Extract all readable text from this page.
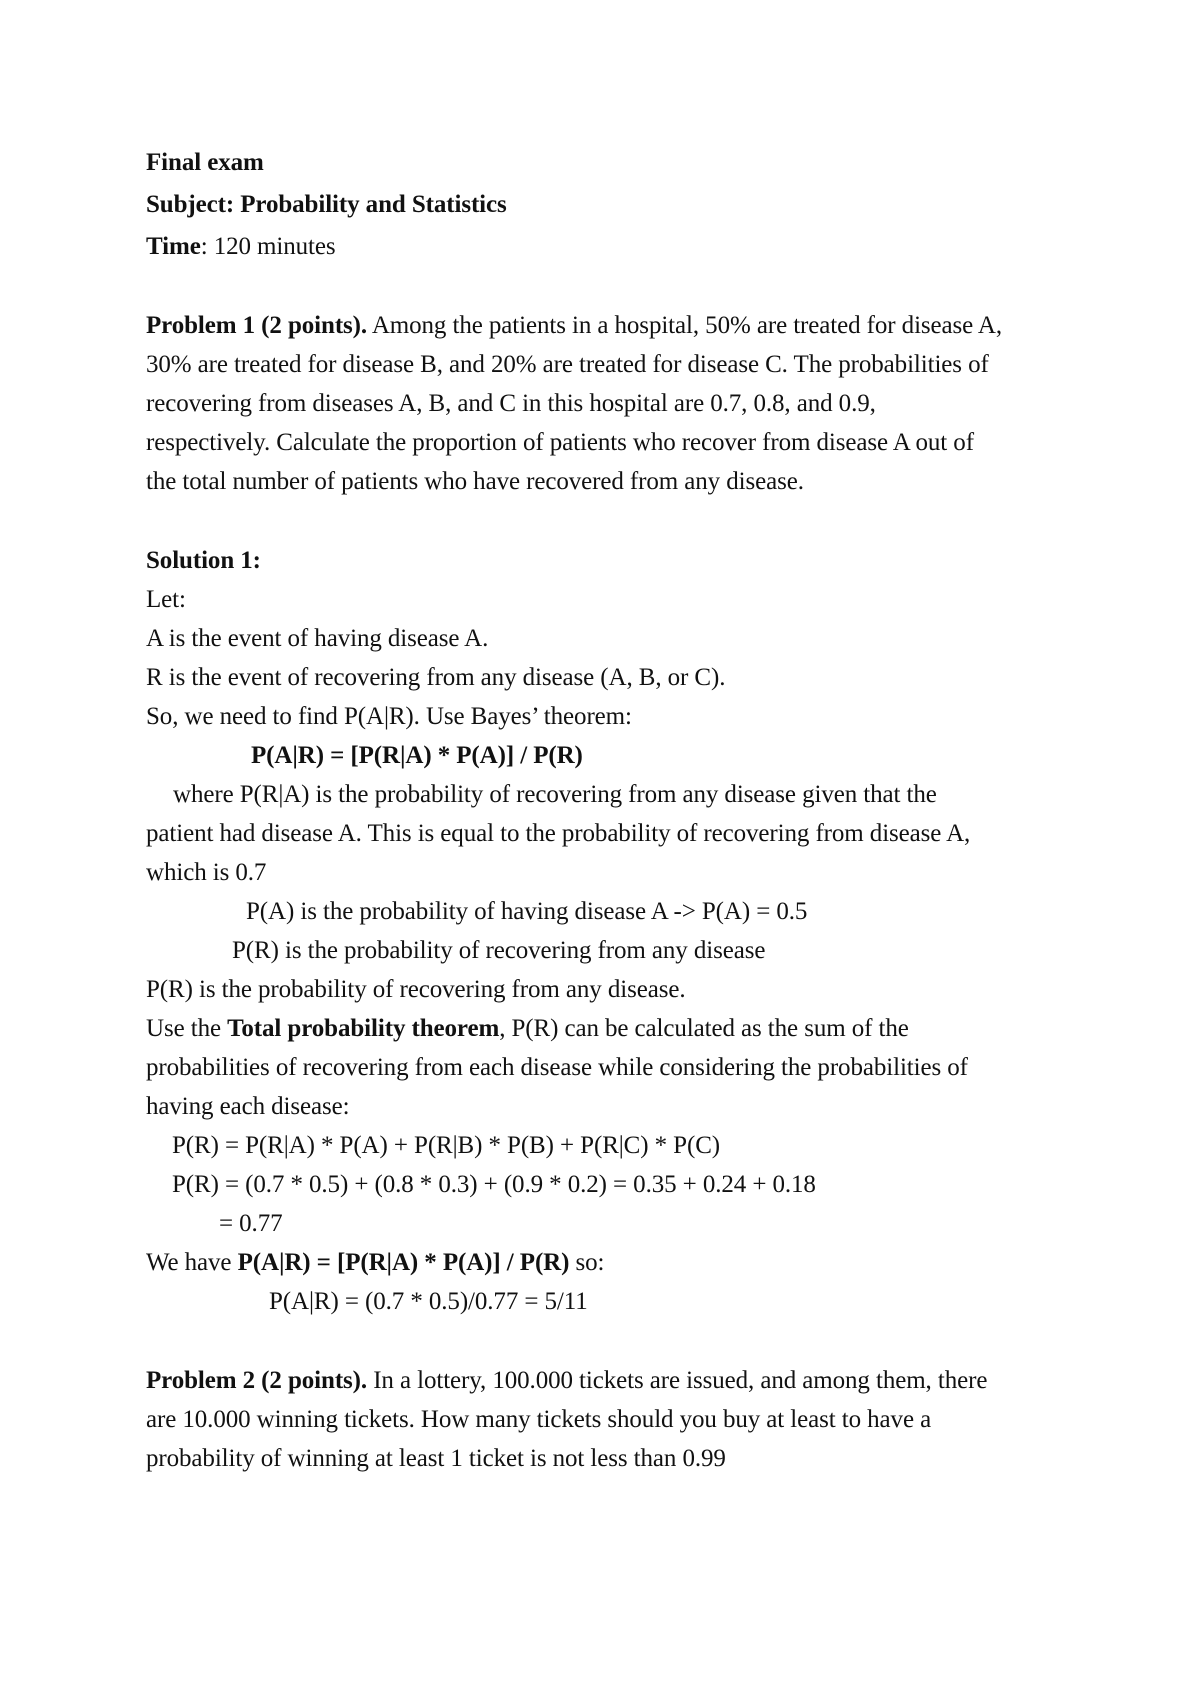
Final exam
Subject: Probability and Statistics
Time: 120 minutes
Problem 1 (2 points). Among the patients in a hospital, 50% are treated for disease A,
30% are treated for disease B, and 20% are treated for disease C. The probabilities of
recovering from diseases A, B, and C in this hospital are 0.7, 0.8, and 0.9,
respectively. Calculate the proportion of patients who recover from disease A out of
the total number of patients who have recovered from any disease.
Solution 1:
Let:
A is the event of having disease A.
R is the event of recovering from any disease (A, B, or C).
So, we need to find P(A|R). Use Bayes’ theorem:
P(A|R) = [P(R|A) * P(A)] / P(R)
where P(R|A) is the probability of recovering from any disease given that the
patient had disease A. This is equal to the probability of recovering from disease A,
which is 0.7
P(A) is the probability of having disease A -> P(A) = 0.5
P(R) is the probability of recovering from any disease
P(R) is the probability of recovering from any disease.
Use the Total probability theorem, P(R) can be calculated as the sum of the
probabilities of recovering from each disease while considering the probabilities of
having each disease:
P(R) = P(R|A) * P(A) + P(R|B) * P(B) + P(R|C) * P(C)
P(R) = (0.7 * 0.5) + (0.8 * 0.3) + (0.9 * 0.2) = 0.35 + 0.24 + 0.18
= 0.77
We have P(A|R) = [P(R|A) * P(A)] / P(R) so:
P(A|R) = (0.7 * 0.5)/0.77 = 5/11
Problem 2 (2 points). In a lottery, 100.000 tickets are issued, and among them, there
are 10.000 winning tickets. How many tickets should you buy at least to have a
probability of winning at least 1 ticket is not less than 0.99
